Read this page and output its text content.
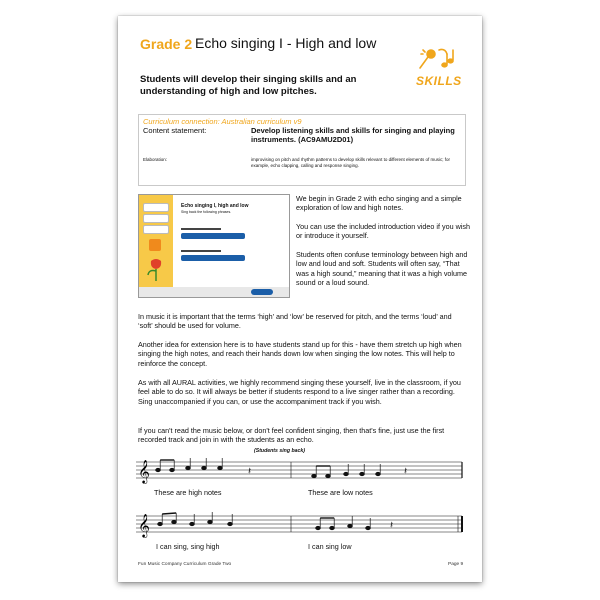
Grade 2 Echo singing I - High and low
SKILLS
Students will develop their singing skills and an understanding of high and low pitches.
Curriculum connection: Australian curriculum v9
Content statement:	Develop listening skills and skills for singing and playing instruments. (AC9AMU2D01)
Elaboration:	improvising on pitch and rhythm patterns to develop skills relevant to different elements of music; for example, echo clapping, calling and response singing.
Echo singing I, high and low
Sing back the following phrases.
We begin in Grade 2 with echo singing and a simple exploration of low and high notes.
You can use the included introduction video if you wish or introduce it yourself.
Students often confuse terminology between high and low and loud and soft. Students will often say, “That was a high sound,” meaning that it was a high volume sound or a loud sound.
In music it is important that the terms ‘high’ and ‘low’ be reserved for pitch, and the terms ‘loud’ and ‘soft’ should be used for volume.
Another idea for extension here is to have students stand up for this - have them stretch up high when singing the high notes, and reach their hands down low when singing the low notes. This will help to reinforce the concept.
As with all AURAL activities, we highly recommend singing these yourself, live in the classroom, if you feel able to do so. It will always be better if students respond to a live singer rather than a recording. Sing unaccompanied if you can, or use the accompaniment track if you wish.
If you can't read the music below, or don't feel confident singing, then that's fine, just use the first recorded track and join in with the students as an echo.
(Students sing back)
𝄞	𝄽	𝄽
These are high notes	These are low notes
𝄞	𝄽
I can sing, sing high	I can sing low
Fun Music Company Curriculum Grade Two	Page 9
